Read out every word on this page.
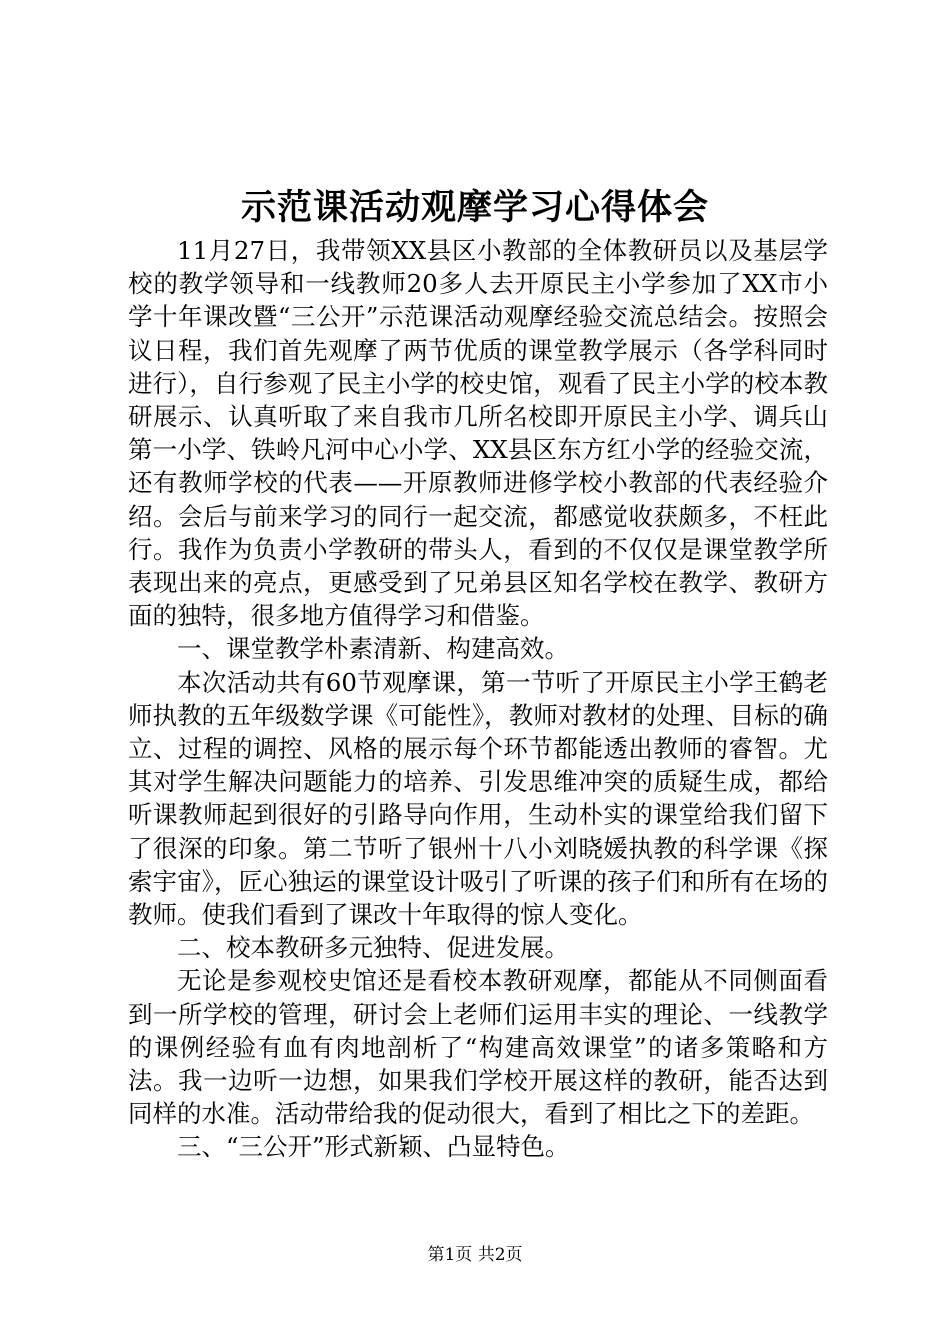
示范课活动观摩学习心得体会

11月27日，我带领XX县区小教部的全体教研员以及基层学校的教学领导和一线教师20多人去开原民主小学参加了XX市小学十年课改暨“三公开”示范课活动观摩经验交流总结会。按照会议日程，我们首先观摩了两节优质的课堂教学展示（各学科同时进行），自行参观了民主小学的校史馆，观看了民主小学的校本教研展示、认真听取了来自我市几所名校即开原民主小学、调兵山第一小学、铁岭凡河中心小学、XX县区东方红小学的经验交流，还有教师学校的代表——开原教师进修学校小教部的代表经验介绍。会后与前来学习的同行一起交流，都感觉收获颇多，不枉此行。我作为负责小学教研的带头人，看到的不仅仅是课堂教学所表现出来的亮点，更感受到了兄弟县区知名学校在教学、教研方面的独特，很多地方值得学习和借鉴。

一、课堂教学朴素清新、构建高效。

本次活动共有60节观摩课，第一节听了开原民主小学王鹤老师执教的五年级数学课《可能性》，教师对教材的处理、目标的确立、过程的调控、风格的展示每个环节都能透出教师的睿智。尤其对学生解决问题能力的培养、引发思维冲突的质疑生成，都给听课教师起到很好的引路导向作用，生动朴实的课堂给我们留下了很深的印象。第二节听了银州十八小刘晓媛执教的科学课《探索宇宙》，匠心独运的课堂设计吸引了听课的孩子们和所有在场的教师。使我们看到了课改十年取得的惊人变化。

二、校本教研多元独特、促进发展。

无论是参观校史馆还是看校本教研观摩，都能从不同侧面看到一所学校的管理，研讨会上老师们运用丰实的理论、一线教学的课例经验有血有肉地剖析了“构建高效课堂”的诸多策略和方法。我一边听一边想，如果我们学校开展这样的教研，能否达到同样的水准。活动带给我的促动很大，看到了相比之下的差距。

三、“三公开”形式新颖、凸显特色。

第1页 共2页
